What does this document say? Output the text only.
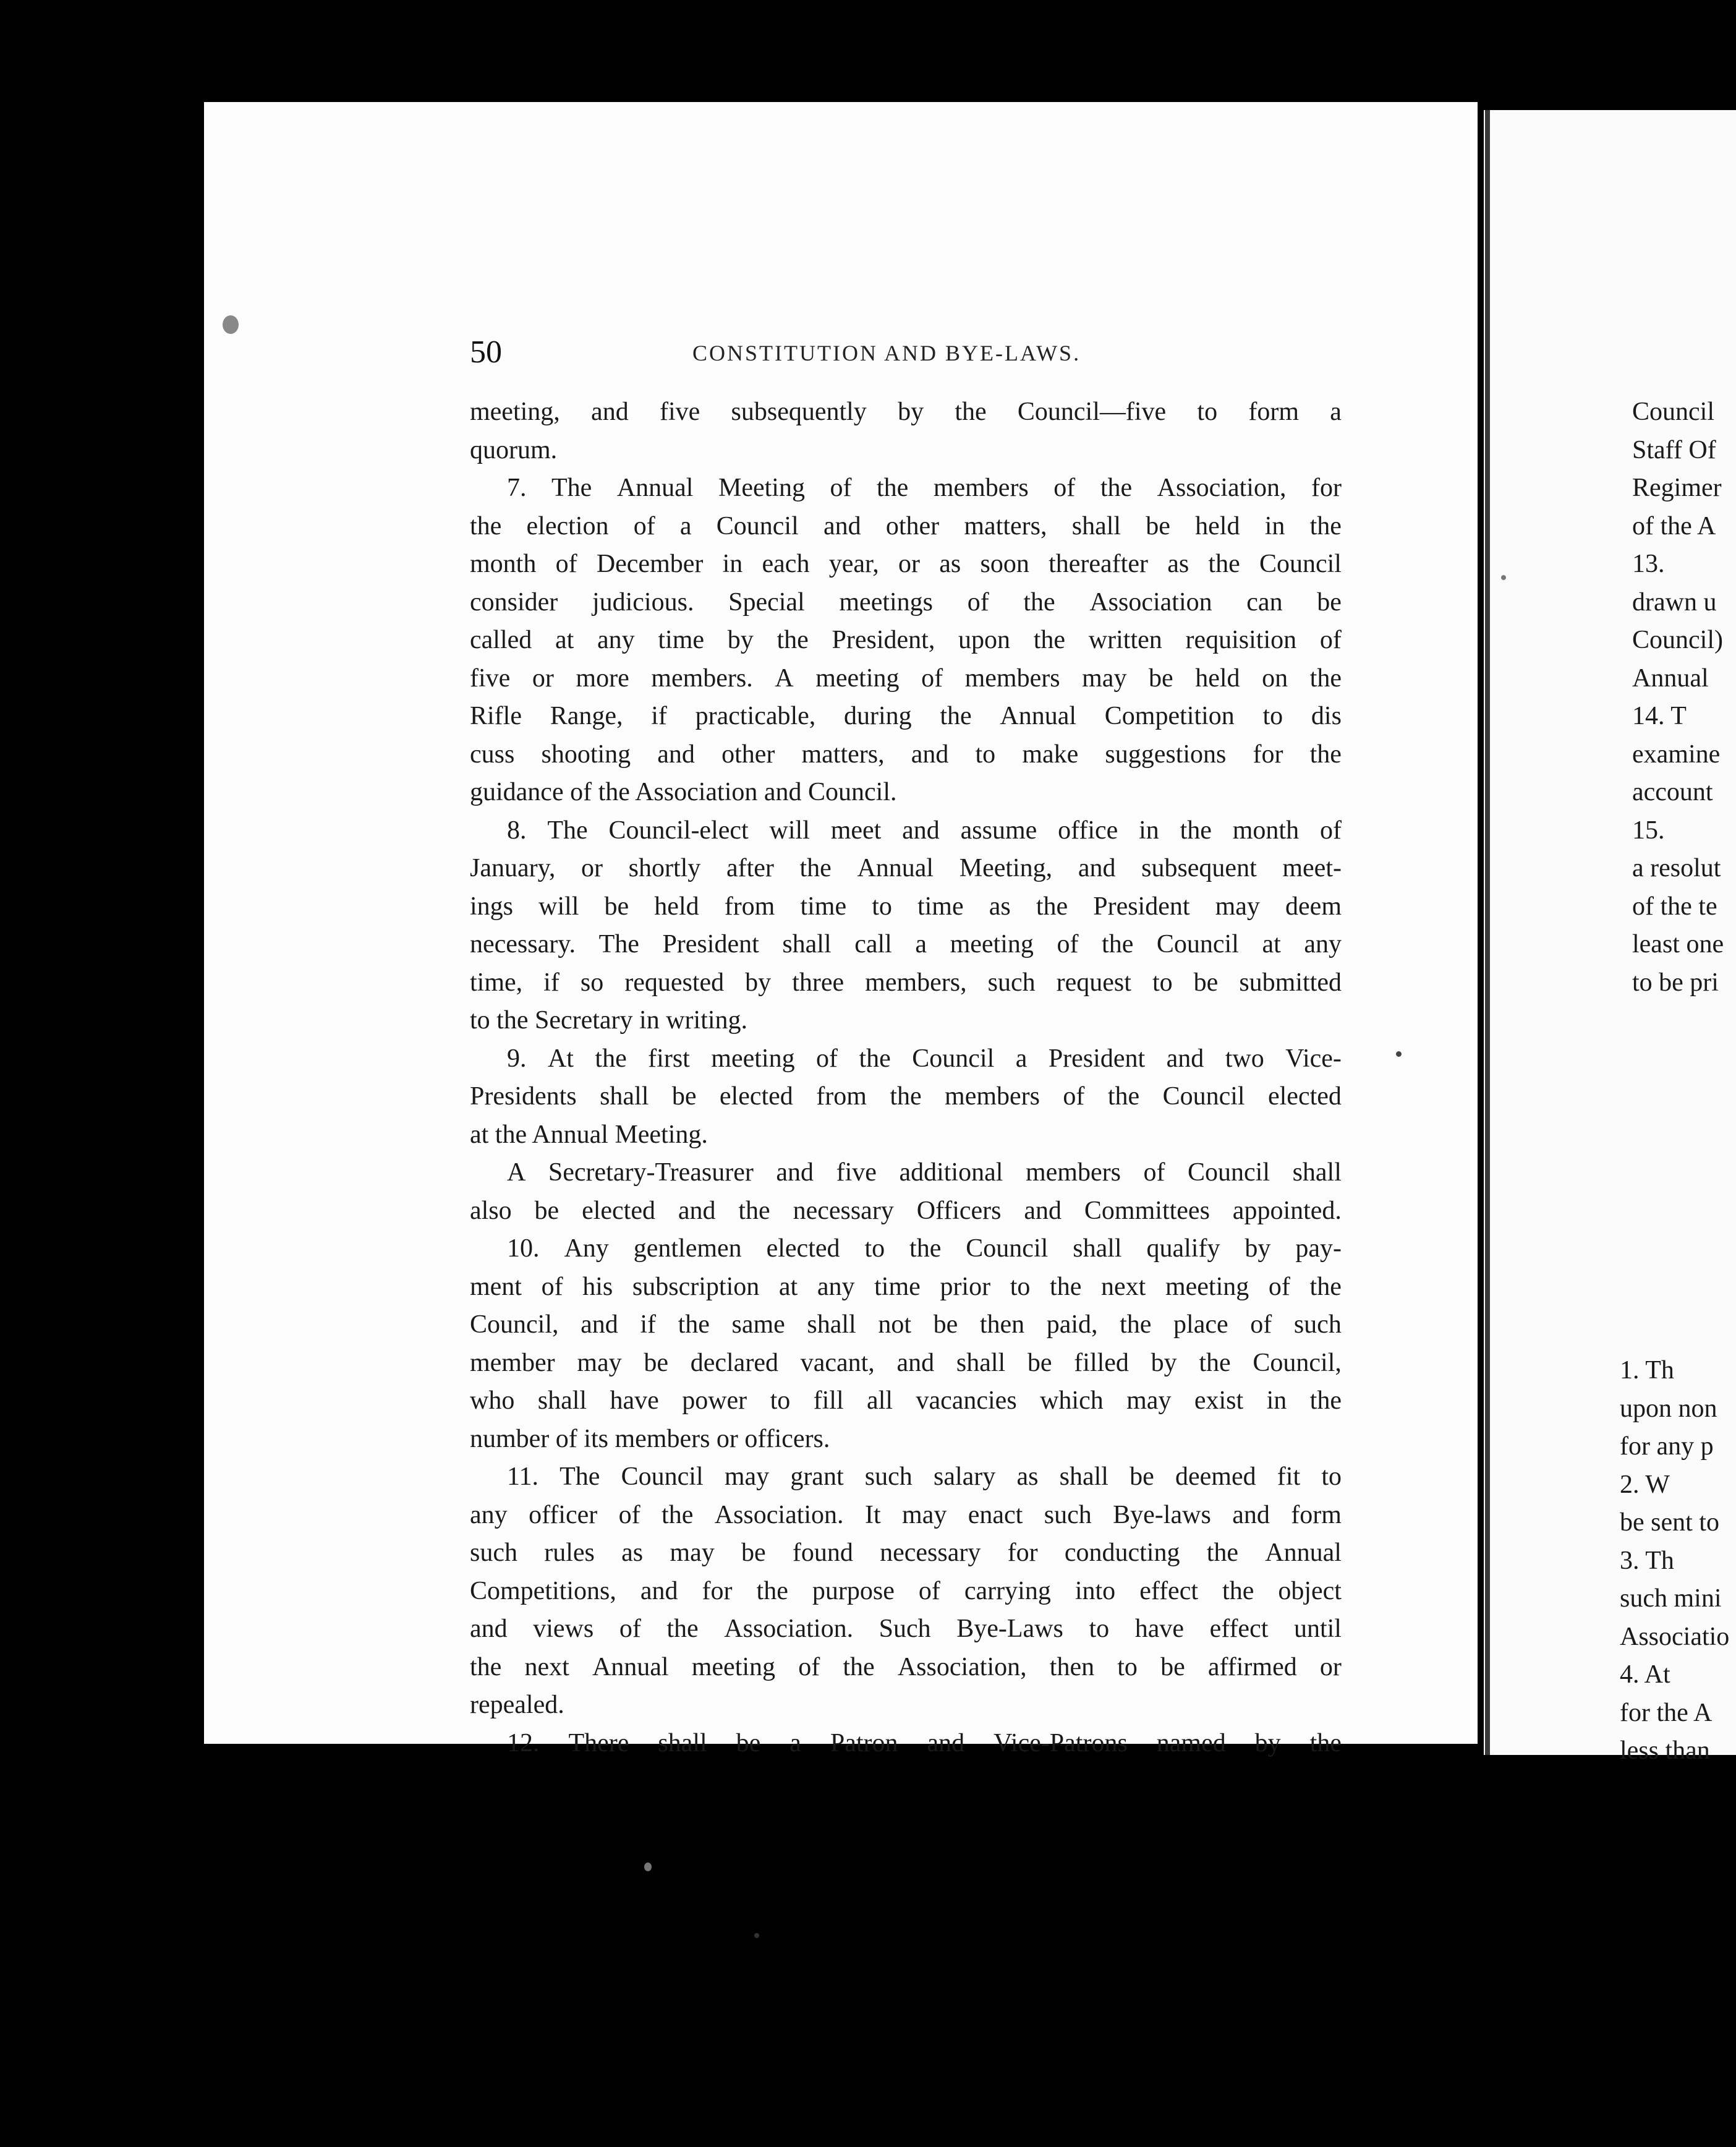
50	CONSTITUTION AND BYE-LAWS.
meeting, and five subsequently by the Council—five to form a
quorum.
7. The Annual Meeting of the members of the Association, for
the election of a Council and other matters, shall be held in the
month of December in each year, or as soon thereafter as the Council
consider judicious. Special meetings of the Association can be
called at any time by the President, upon the written requisition of
five or more members. A meeting of members may be held on the
Rifle Range, if practicable, during the Annual Competition to dis
cuss shooting and other matters, and to make suggestions for the
guidance of the Association and Council.
8. The Council-elect will meet and assume office in the month of
January, or shortly after the Annual Meeting, and subsequent meet-
ings will be held from time to time as the President may deem
necessary. The President shall call a meeting of the Council at any
time, if so requested by three members, such request to be submitted
to the Secretary in writing.
9. At the first meeting of the Council a President and two Vice-
Presidents shall be elected from the members of the Council elected
at the Annual Meeting.
A Secretary-Treasurer and five additional members of Council shall
also be elected and the necessary Officers and Committees appointed.
10. Any gentlemen elected to the Council shall qualify by pay-
ment of his subscription at any time prior to the next meeting of the
Council, and if the same shall not be then paid, the place of such
member may be declared vacant, and shall be filled by the Council,
who shall have power to fill all vacancies which may exist in the
number of its members or officers.
11. The Council may grant such salary as shall be deemed fit to
any officer of the Association. It may enact such Bye-laws and form
such rules as may be found necessary for conducting the Annual
Competitions, and for the purpose of carrying into effect the object
and views of the Association. Such Bye-Laws to have effect until
the next Annual meeting of the Association, then to be affirmed or
repealed.
12. There shall be a Patron and Vice-Patrons named by the
Council
Staff Of
Regimer
of the A
13.
drawn u
Council)
Annual
14. T
examine
account
15.
a resolut
of the te
least one
to be pri
1. Th
upon non
for any p
2. W
be sent to
3. Th
such mini
Associatio
4. At
for the A
less than
